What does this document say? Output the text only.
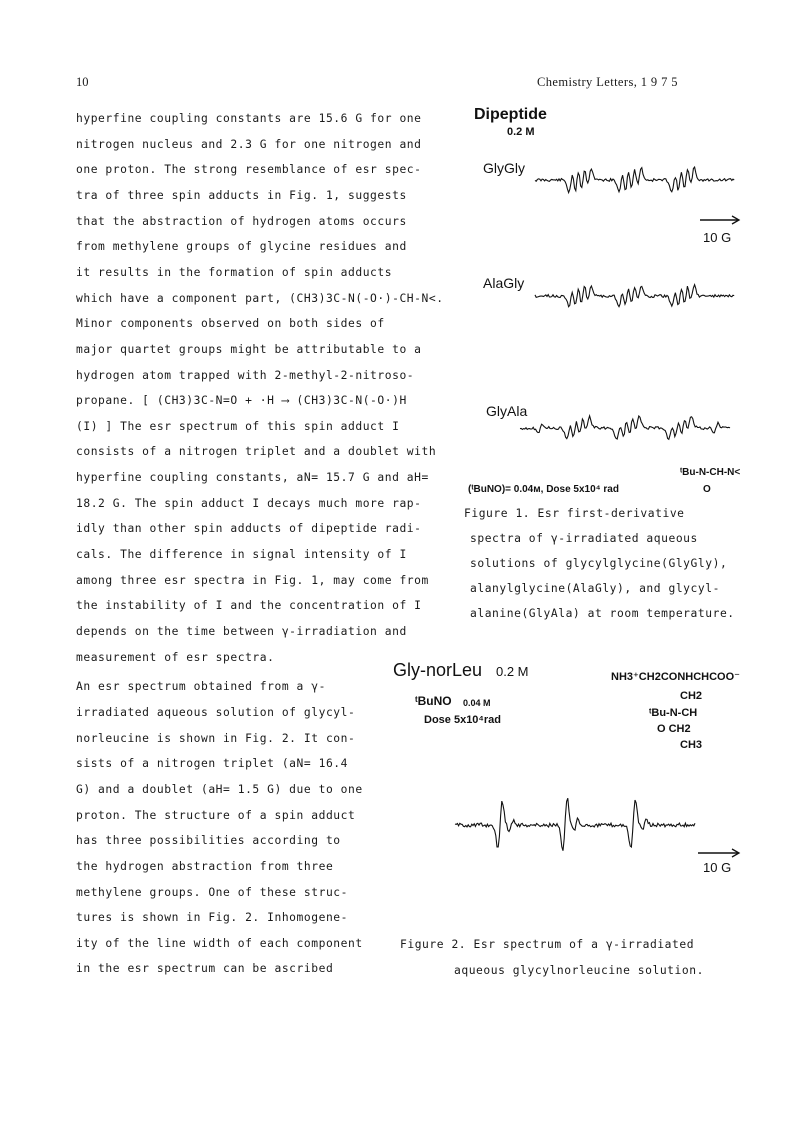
10	Chemistry Letters, 1 9 7 5
hyperfine coupling constants are 15.6 G for one
nitrogen nucleus and 2.3 G for one nitrogen and
one proton. The strong resemblance of esr spec-
tra of three spin adducts in Fig. 1, suggests
that the abstraction of hydrogen atoms occurs
from methylene groups of glycine residues and
it results in the formation of spin adducts
which have a component part, (CH3)3C-N(-O·)-CH-N<.
Minor components observed on both sides of
major quartet groups might be attributable to a
hydrogen atom trapped with 2-methyl-2-nitroso-
propane. [ (CH3)3C-N=O + ·H ⟶ (CH3)3C-N(-O·)H
(I) ] The esr spectrum of this spin adduct I
consists of a nitrogen triplet and a doublet with
hyperfine coupling constants, aN= 15.7 G and aH=
18.2 G. The spin adduct I decays much more rap-
idly than other spin adducts of dipeptide radi-
cals. The difference in signal intensity of I
among three esr spectra in Fig. 1, may come from
the instability of I and the concentration of I
depends on the time between γ-irradiation and
measurement of esr spectra.
An esr spectrum obtained from a γ-
irradiated aqueous solution of glycyl-
norleucine is shown in Fig. 2. It con-
sists of a nitrogen triplet (aN= 16.4
G) and a doublet (aH= 1.5 G) due to one
proton. The structure of a spin adduct
has three possibilities according to
the hydrogen abstraction from three
methylene groups. One of these struc-
tures is shown in Fig. 2. Inhomogene-
ity of the line width of each component
in the esr spectrum can be ascribed
Dipeptide
0.2 M
GlyGly
AlaGly
GlyAla
10 G
(ᵗBuNO)= 0.04ᴍ, Dose 5x10⁴ rad
ᵗBu-N-CH-N<
O
Figure 1. Esr first-derivative
spectra of γ-irradiated aqueous
solutions of glycylglycine(GlyGly),
alanylglycine(AlaGly), and glycyl-
alanine(GlyAla) at room temperature.
Gly-norLeu 0.2 M
ᵗBuNO 0.04 M
Dose 5x10⁴rad
NH3⁺CH2CONHCHCOO⁻
CH2
ᵗBu-N-CH
O CH2
CH3
10 G
Figure 2. Esr spectrum of a γ-irradiated
aqueous glycylnorleucine solution.
